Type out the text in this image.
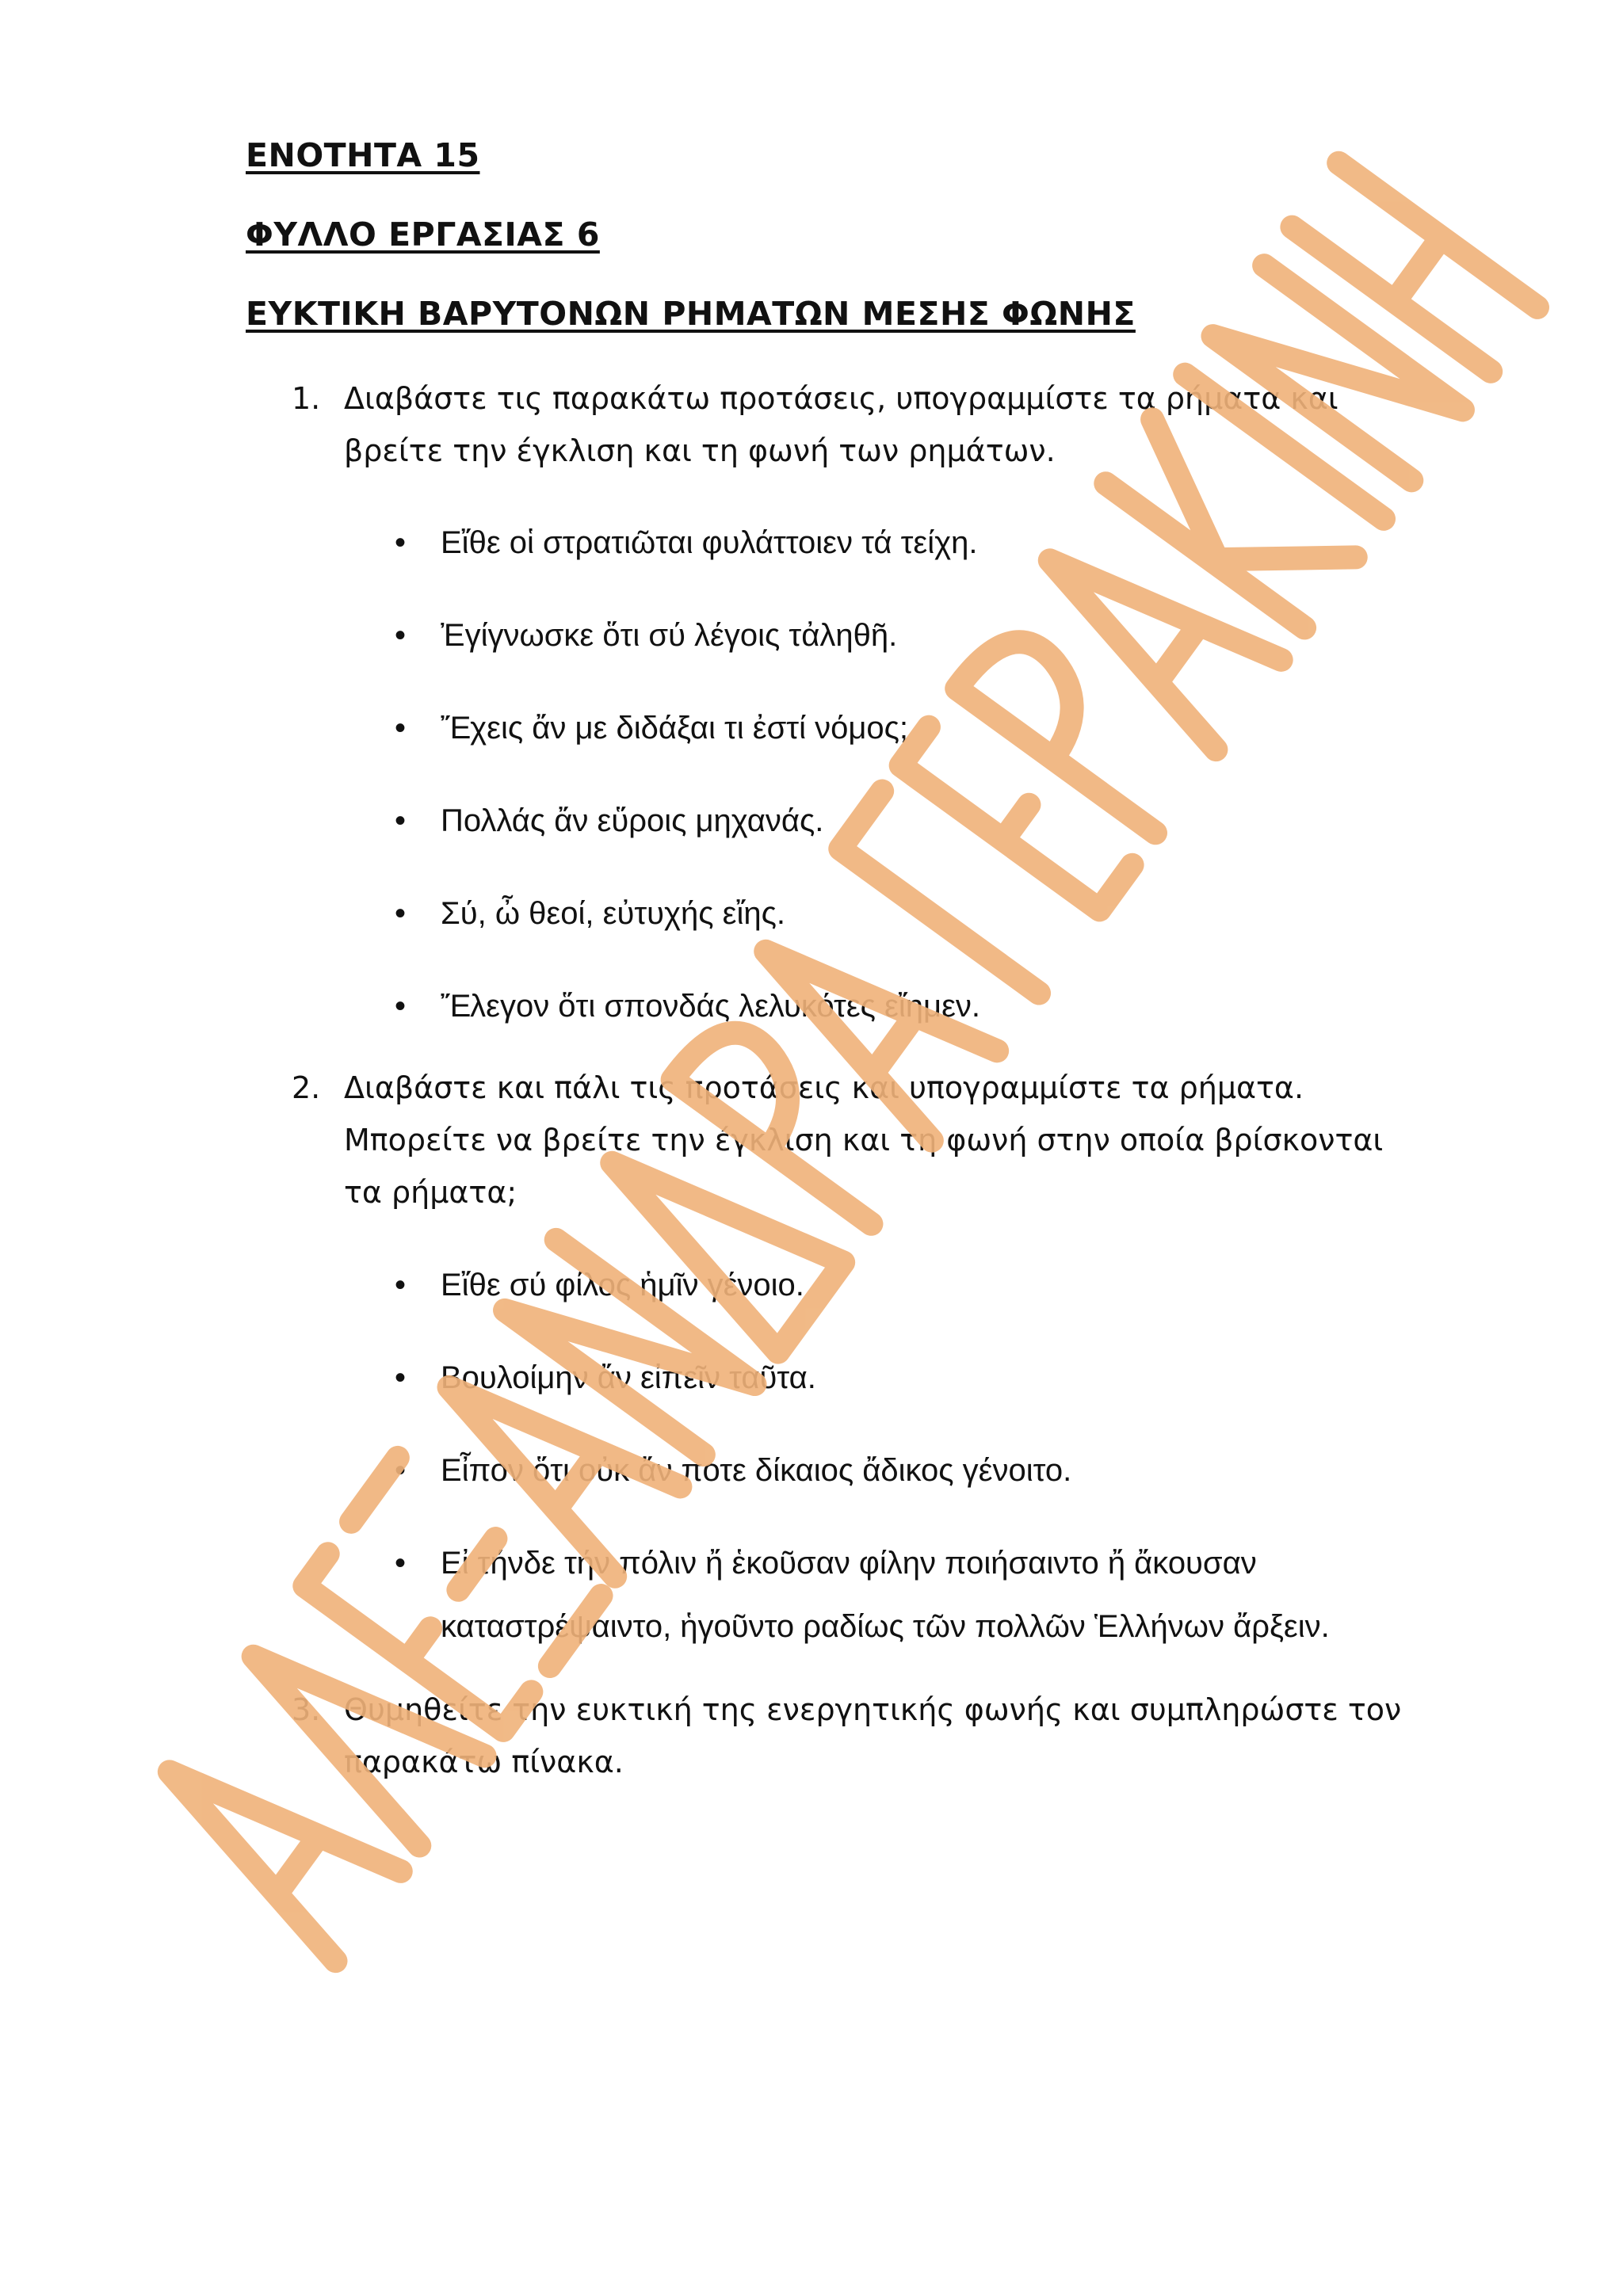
ΕΝΟΤΗΤΑ 15
ΦΥΛΛΟ ΕΡΓΑΣΙΑΣ 6
ΕΥΚΤΙΚΗ ΒΑΡΥΤΟΝΩΝ ΡΗΜΑΤΩΝ ΜΕΣΗΣ ΦΩΝΗΣ
1. Διαβάστε τις παρακάτω προτάσεις, υπογραμμίστε τα ρήματα και βρείτε την έγκλιση και τη φωνή των ρημάτων.
• Εἴθε οἱ στρατιῶται φυλάττοιεν τά τείχη.
• Ἐγίγνωσκε ὅτι σύ λέγοις τἀληθῆ.
• Ἔχεις ἄν με διδάξαι τι ἐστί νόμος;
• Πολλάς ἄν εὕροις μηχανάς.
• Σύ, ὦ θεοί, εὐτυχής εἴης.
• Ἔλεγον ὅτι σπονδάς λελυκότες εἴημεν.
2. Διαβάστε και πάλι τις προτάσεις και υπογραμμίστε τα ρήματα. Μπορείτε να βρείτε την έγκλιση και τη φωνή στην οποία βρίσκονται τα ρήματα;
• Εἴθε σύ φίλος ἡμῖν γένοιο.
• Βουλοίμην ἄν εἰπεῖν ταῦτα.
• Εἶπον ὅτι οὐκ ἄν ποτε δίκαιος ἄδικος γένοιτο.
• Εἰ τήνδε τήν πόλιν ἤ ἑκοῦσαν φίλην ποιήσαιντο ἤ ἄκουσαν καταστρέψαιντο, ἡγοῦντο ραδίως τῶν πολλῶν Ἑλλήνων ἄρξειν.
3. Θυμηθείτε την ευκτική της ενεργητικής φωνής και συμπληρώστε τον παρακάτω πίνακα.
